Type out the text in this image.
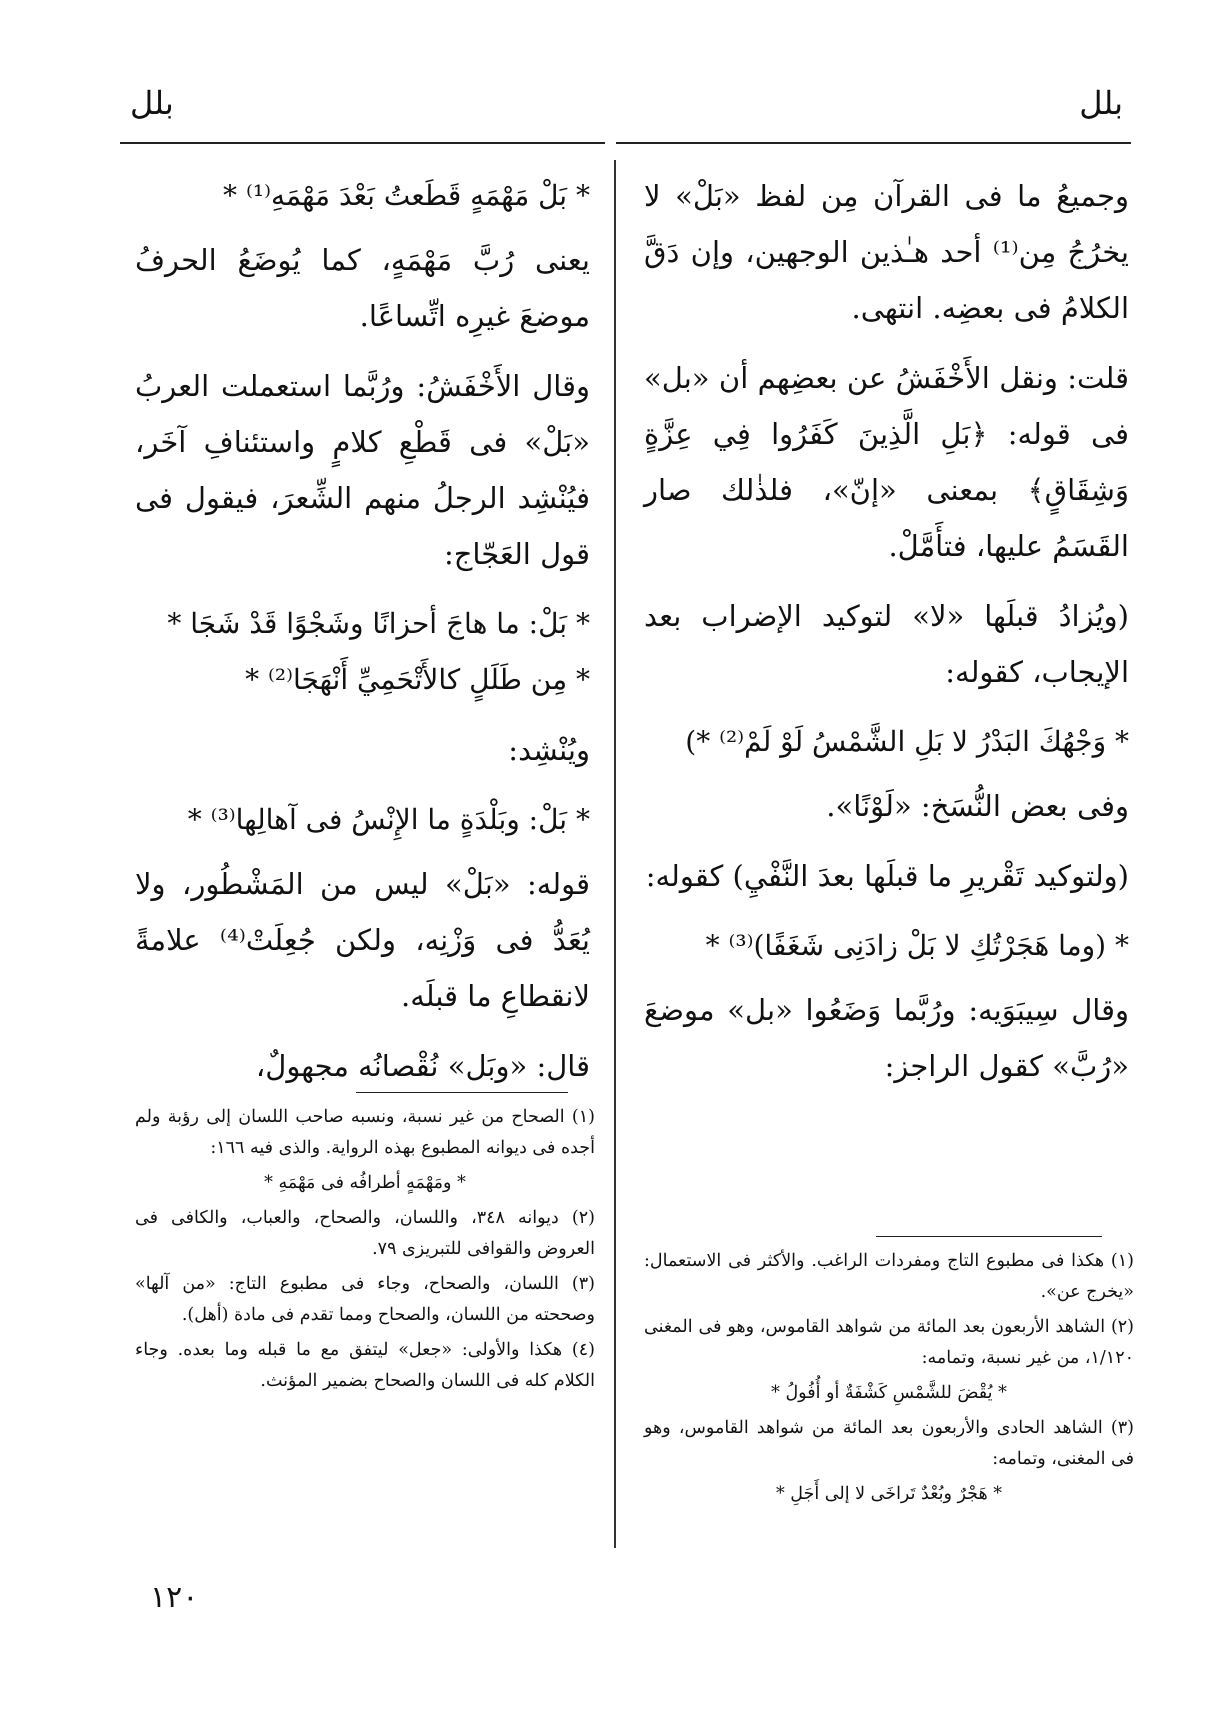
بلل
بلل

وجميعُ ما فى القرآن مِن لفظ «بَلْ» لا يخرُجُ مِن⁽¹⁾ أحد هـٰذين الوجهين، وإن دَقَّ الكلامُ فى بعضِه. انتهى.

قلت: ونقل الأَخْفَشُ عن بعضِهم أن «بل» فى قوله: ﴿بَلِ الَّذِينَ كَفَرُوا فِي عِزَّةٍ وَشِقَاقٍ﴾ بمعنى «إنّ»، فلذٰلك صار القَسَمُ عليها، فتأَمَّلْ.

(ويُزادُ قبلَها «لا» لتوكيد الإضراب بعد الإيجاب، كقوله:

* وَجْهُكَ البَدْرُ لا بَلِ الشَّمْسُ لَوْ لَمْ⁽²⁾ *)

وفى بعض النُّسَخ: «لَوْنًا».

(ولتوكيد تَقْريرِ ما قبلَها بعدَ النَّفْيِ) كقوله:

* (وما هَجَرْتُكِ لا بَلْ زادَنِى شَغَفًا)⁽³⁾ *

وقال سِيبَوَيه: ورُبَّما وَضَعُوا «بل» موضعَ «رُبَّ» كقول الراجز:

* بَلْ مَهْمَهٍ قَطَعتُ بَعْدَ مَهْمَهِ⁽¹⁾ *

يعنى رُبَّ مَهْمَهٍ، كما يُوضَعُ الحرفُ موضعَ غيرِه اتِّساعًا.

وقال الأَخْفَشُ: ورُبَّما استعملت العربُ «بَلْ» فى قَطْعِ كلامٍ واستئنافِ آخَر، فيُنْشِد الرجلُ منهم الشِّعرَ، فيقول فى قول العَجّاج:

* بَلْ: ما هاجَ أحزانًا وشَجْوًا قَدْ شَجَا *
* مِن طَلَلٍ كالأَتْحَمِيِّ أَنْهَجَا⁽²⁾ *

ويُنْشِد:

* بَلْ: وبَلْدَةٍ ما الإِنْسُ فى آهالِها⁽³⁾ *

قوله: «بَلْ» ليس من المَشْطُور، ولا يُعَدُّ فى وَزْنِه، ولكن جُعِلَتْ⁽⁴⁾ علامةً لانقطاعِ ما قبلَه.

قال: «وبَل» نُقْصانُه مجهولٌ،

(١) هكذا فى مطبوع التاج ومفردات الراغب. والأكثر فى الاستعمال: «يخرج عن».

(٢) الشاهد الأربعون بعد المائة من شواهد القاموس، وهو فى المغنى ١/١٢٠، من غير نسبة، وتمامه:

* يُقْضَ للشَّمْسِ كَشْفَةٌ أو أُفُولُ *

(٣) الشاهد الحادى والأربعون بعد المائة من شواهد القاموس، وهو فى المغنى، وتمامه:

* هَجْرٌ وبُعْدٌ تَراخَى لا إلى أَجَلِ *

(١) الصحاح من غير نسبة، ونسبه صاحب اللسان إلى رؤبة ولم أجده فى ديوانه المطبوع بهذه الرواية. والذى فيه ١٦٦:

* ومَهْمَهٍ أطرافُه فى مَهْمَهِ *

(٢) ديوانه ٣٤٨، واللسان، والصحاح، والعباب، والكافى فى العروض والقوافى للتبريزى ٧٩.

(٣) اللسان، والصحاح، وجاء فى مطبوع التاج: «من آلها» وصححته من اللسان، والصحاح ومما تقدم فى مادة (أهل).

(٤) هكذا والأولى: «جعل» ليتفق مع ما قبله وما بعده. وجاء الكلام كله فى اللسان والصحاح بضمير المؤنث.

١٢٠
